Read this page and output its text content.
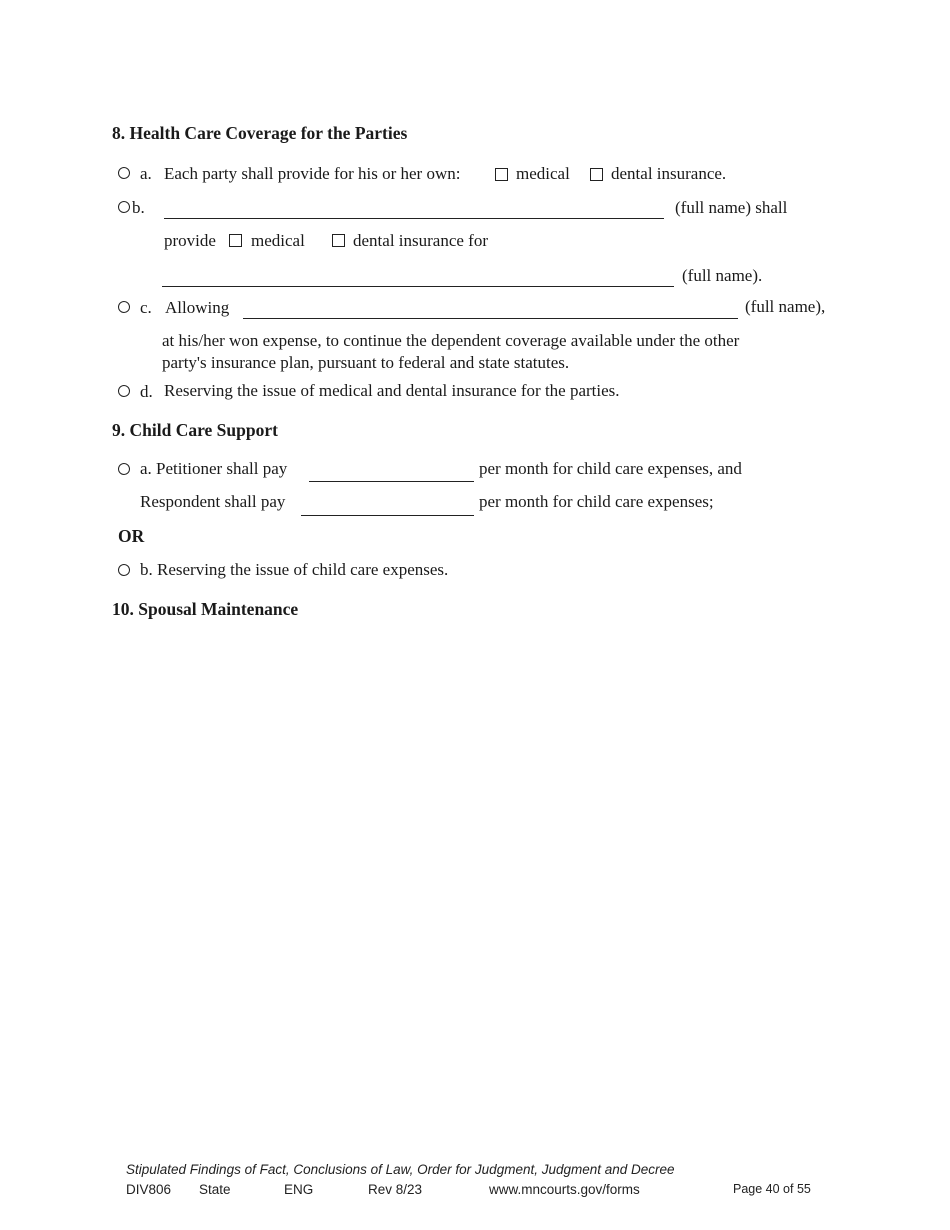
8. Health Care Coverage for the Parties
a. Each party shall provide for his or her own:	medical dental insurance.
b.	(full name) shall
provide medical	dental insurance for
(full name).
c. Allowing	(full name),
at his/her won expense, to continue the dependent coverage available under the other
party's insurance plan, pursuant to federal and state statutes.
d. Reserving the issue of medical and dental insurance for the parties.
9. Child Care Support
a. Petitioner shall pay	per month for child care expenses, and
Respondent shall pay	per month for child care expenses;
OR
b. Reserving the issue of child care expenses.
10. Spousal Maintenance
Stipulated Findings of Fact, Conclusions of Law, Order for Judgment, Judgment and Decree
DIV806 State	ENG	Rev 8/23	www.mncourts.gov/forms	Page 40 of 55
